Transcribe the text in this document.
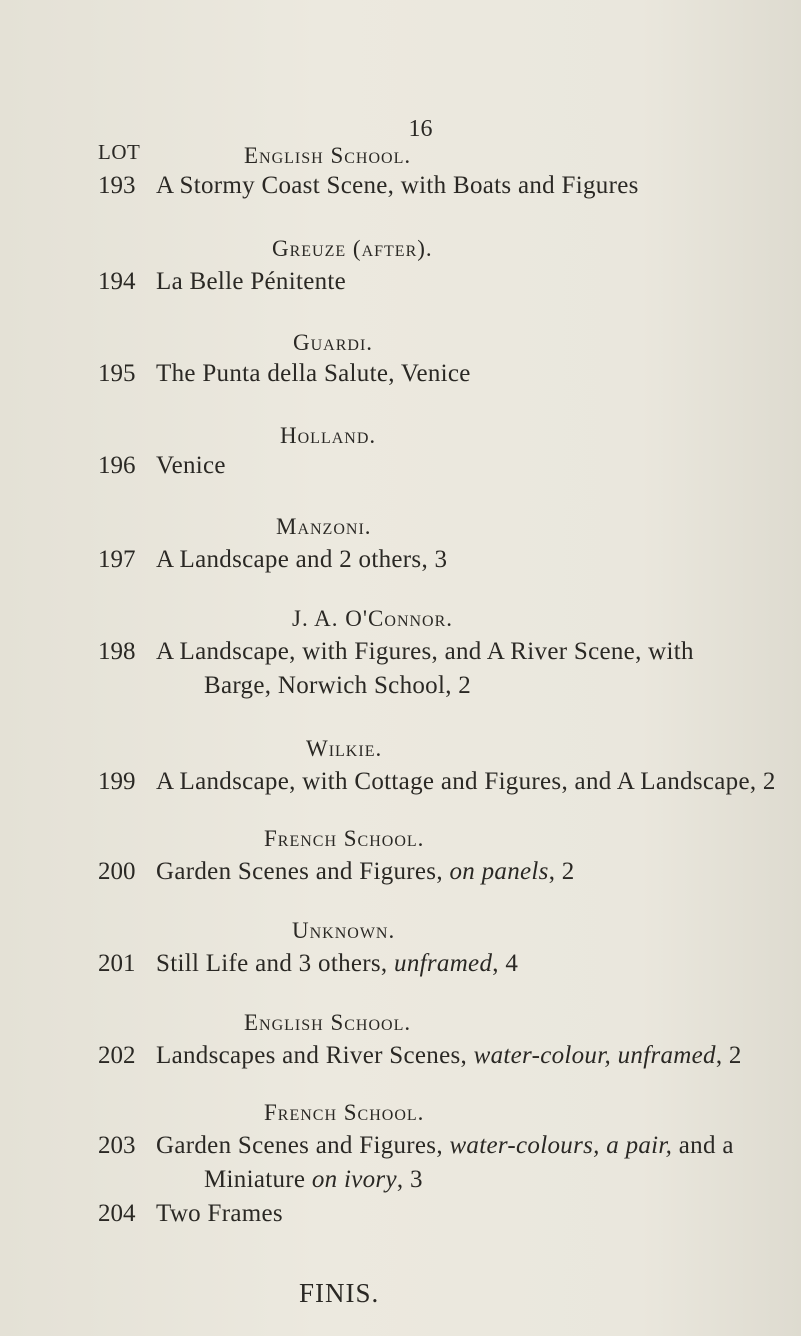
16
LOT	English School.
193 A Stormy Coast Scene, with Boats and Figures
Greuze (after).
194 La Belle Pénitente
Guardi.
195 The Punta della Salute, Venice
Holland.
196 Venice
Manzoni.
197 A Landscape and 2 others, 3
J. A. O'Connor.
198 A Landscape, with Figures, and A River Scene, with
Barge, Norwich School, 2
Wilkie.
199 A Landscape, with Cottage and Figures, and A Landscape, 2
French School.
200 Garden Scenes and Figures, on panels, 2
Unknown.
201 Still Life and 3 others, unframed, 4
English School.
202 Landscapes and River Scenes, water-colour, unframed, 2
French School.
203 Garden Scenes and Figures, water-colours, a pair, and a
Miniature on ivory, 3
204 Two Frames
FINIS.
